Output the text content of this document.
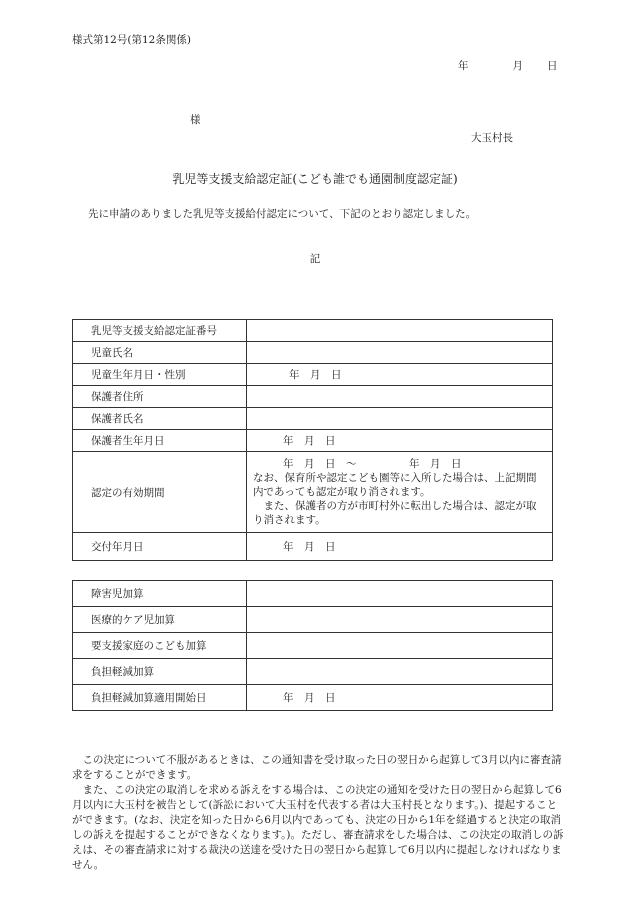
様式第12号(第12条関係)
年	月 日
様
大玉村長
乳児等支援支給認定証(こども誰でも通園制度認定証)
先に申請のありました乳児等支援給付認定について、下記のとおり認定しました。
記
乳児等支援支給認定証番号	
児童氏名	
児童生年月日・性別	年　月　日
保護者住所	
保護者氏名	
保護者生年月日	年　月　日
認定の有効期間	年　月　日　〜　　　　　年　月　日
なお、保育所や認定こども園等に入所した場合は、上記期間内であっても認定が取り消されます。
また、保護者の方が市町村外に転出した場合は、認定が取り消されます。

交付年月日	年　月　日
障害児加算	
医療的ケア児加算	
要支援家庭のこども加算	
負担軽減加算	
負担軽減加算適用開始日	年　月　日

この決定について不服があるときは、この通知書を受け取った日の翌日から起算して3月以内に審査請求をすることができます。

また、この決定の取消しを求める訴えをする場合は、この決定の通知を受けた日の翌日から起算して6月以内に大玉村を被告として(訴訟において大玉村を代表する者は大玉村長となります。)、提起することができます。(なお、決定を知った日から6月以内であっても、決定の日から1年を経過すると決定の取消しの訴えを提起することができなくなります。)。ただし、審査請求をした場合は、この決定の取消しの訴えは、その審査請求に対する裁決の送達を受けた日の翌日から起算して6月以内に提起しなければなりません。
